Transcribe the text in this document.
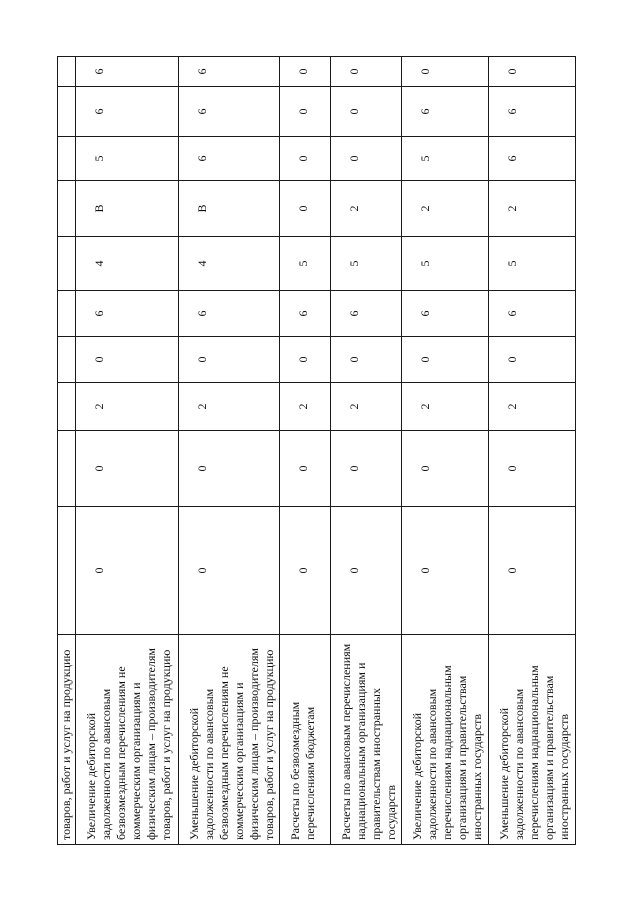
товаров, работ и услуг на продукцию										

Увеличение дебиторской задолженности по авансовым безвозмездным перечислениям не коммерческим организациям и физическим лицам – производителям товаров, работ и услуг на продукцию	0	0	2	0	6	4	В	5	6	6

Уменьшение дебиторской задолженности по авансовым безвозмездным перечислениям не коммерческим организациям и физическим лицам – производителям товаров, работ и услуг на продукцию	0	0	2	0	6	4	В	6	6	6

Расчеты по безвозмездным перечислениям бюджетам	0	0	2	0	6	5	0	0	0	0

Расчеты по авансовым перечислениям наднациональным организациям и правительствам иностранных государств	0	0	2	0	6	5	2	0	0	0

Увеличение дебиторской задолженности по авансовым перечислениям наднациональным организациям и правительствам иностранных государств	0	0	2	0	6	5	2	5	6	0

Уменьшение дебиторской задолженности по авансовым перечислениям наднациональным организациям и правительствам иностранных государств	0	0	2	0	6	5	2	6	6	0
